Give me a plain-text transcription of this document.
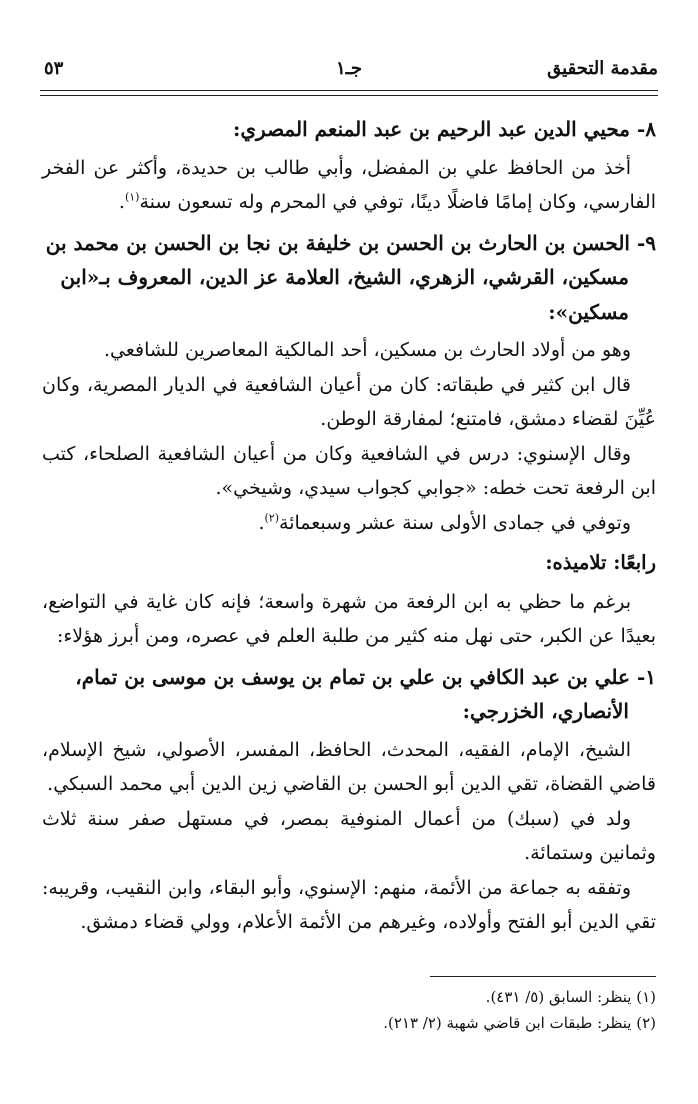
مقدمة التحقيق
جـ١
٥٣

٨- محيي الدين عبد الرحيم بن عبد المنعم المصري:

أخذ من الحافظ علي بن المفضل، وأبي طالب بن حديدة، وأكثر عن الفخر الفارسي، وكان إمامًا فاضلًا دينًا، توفي في المحرم وله تسعون سنة$^{(١)}$.

٩- الحسن بن الحارث بن الحسن بن خليفة بن نجا بن الحسن بن محمد بن

مسكين، القرشي، الزهري، الشيخ، العلامة عز الدين، المعروف بـ«ابن مسكين»:

وهو من أولاد الحارث بن مسكين، أحد المالكية المعاصرين للشافعي.

قال ابن كثير في طبقاته: كان من أعيان الشافعية في الديار المصرية، وكان عُيِّنَ لقضاء دمشق، فامتنع؛ لمفارقة الوطن.

وقال الإسنوي: درس في الشافعية وكان من أعيان الشافعية الصلحاء، كتب ابن الرفعة تحت خطه: «جوابي كجواب سيدي، وشيخي».

وتوفي في جمادى الأولى سنة عشر وسبعمائة$^{(٢)}$.

رابعًا: تلاميذه:

برغم ما حظي به ابن الرفعة من شهرة واسعة؛ فإنه كان غاية في التواضع، بعيدًا عن الكبر، حتى نهل منه كثير من طلبة العلم في عصره، ومن أبرز هؤلاء:

١- علي بن عبد الكافي بن علي بن تمام بن يوسف بن موسى بن تمام،

الأنصاري، الخزرجي:

الشيخ، الإمام، الفقيه، المحدث، الحافظ، المفسر، الأصولي، شيخ الإسلام، قاضي القضاة، تقي الدين أبو الحسن بن القاضي زين الدين أبي محمد السبكي.

ولد في (سبك) من أعمال المنوفية بمصر، في مستهل صفر سنة ثلاث وثمانين وستمائة.

وتفقه به جماعة من الأئمة، منهم: الإسنوي، وأبو البقاء، وابن النقيب، وقريبه: تقي الدين أبو الفتح وأولاده، وغيرهم من الأئمة الأعلام، وولي قضاء دمشق.

(١) ينظر: السابق (٥/ ٤٣١).

(٢) ينظر: طبقات ابن قاضي شهبة (٢/ ٢١٣).
